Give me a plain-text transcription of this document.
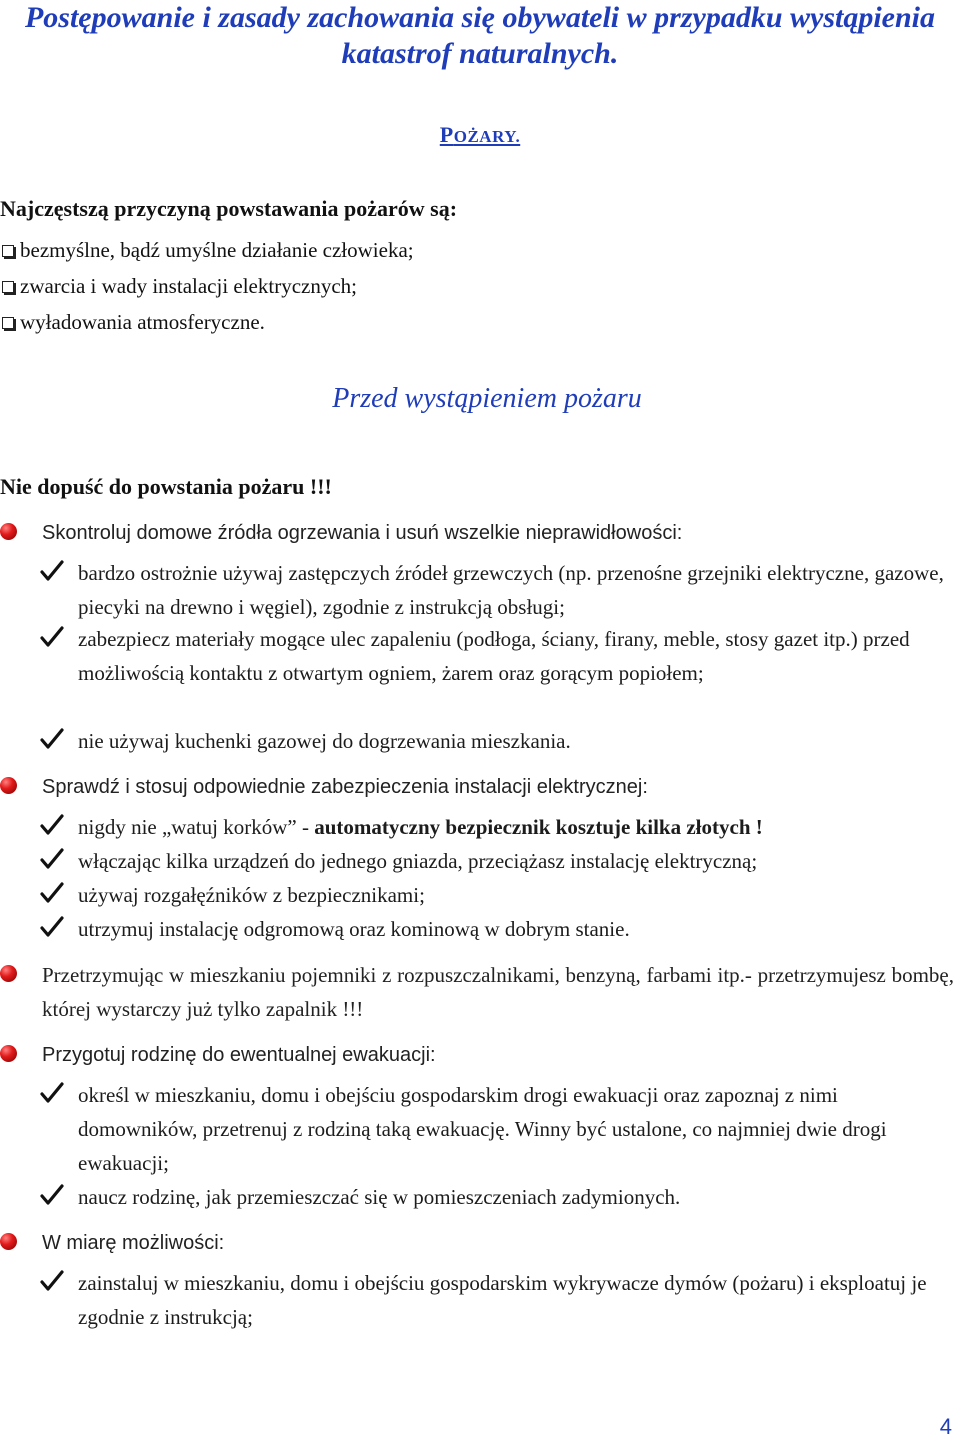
Postępowanie i zasady zachowania się obywateli w przypadku wystąpienia katastrof naturalnych.
POŻARY.
Najczęstszą przyczyną powstawania pożarów są:
bezmyślne, bądź umyślne działanie człowieka;
zwarcia i wady instalacji elektrycznych;
wyładowania atmosferyczne.
Przed wystąpieniem pożaru
Nie dopuść do powstania pożaru !!!
Skontroluj domowe źródła ogrzewania i usuń wszelkie nieprawidłowości:
bardzo ostrożnie używaj zastępczych źródeł grzewczych (np. przenośne grzejniki elektryczne, gazowe, piecyki na drewno i węgiel), zgodnie z instrukcją obsługi;
zabezpiecz materiały mogące ulec zapaleniu (podłoga, ściany, firany, meble, stosy gazet itp.) przed możliwością kontaktu z otwartym ogniem, żarem oraz gorącym popiołem;
nie używaj kuchenki gazowej do dogrzewania mieszkania.
Sprawdź i stosuj odpowiednie zabezpieczenia instalacji elektrycznej:
nigdy nie „watuj korków” - automatyczny bezpiecznik kosztuje kilka złotych !
włączając kilka urządzeń do jednego gniazda, przeciążasz instalację elektryczną;
używaj rozgałęźników z bezpiecznikami;
utrzymuj instalację odgromową oraz kominową w dobrym stanie.
Przetrzymując w mieszkaniu pojemniki z rozpuszczalnikami, benzyną, farbami itp.- przetrzymujesz bombę, której wystarczy już tylko zapalnik !!!
Przygotuj rodzinę do ewentualnej ewakuacji:
określ w mieszkaniu, domu i obejściu gospodarskim drogi ewakuacji oraz zapoznaj z nimi domowników, przetrenuj z rodziną taką ewakuację. Winny być ustalone, co najmniej dwie drogi ewakuacji;
naucz rodzinę, jak przemieszczać się w pomieszczeniach zadymionych.
W miarę możliwości:
zainstaluj w mieszkaniu, domu i obejściu gospodarskim wykrywacze dymów (pożaru) i eksploatuj je zgodnie z instrukcją;
4
